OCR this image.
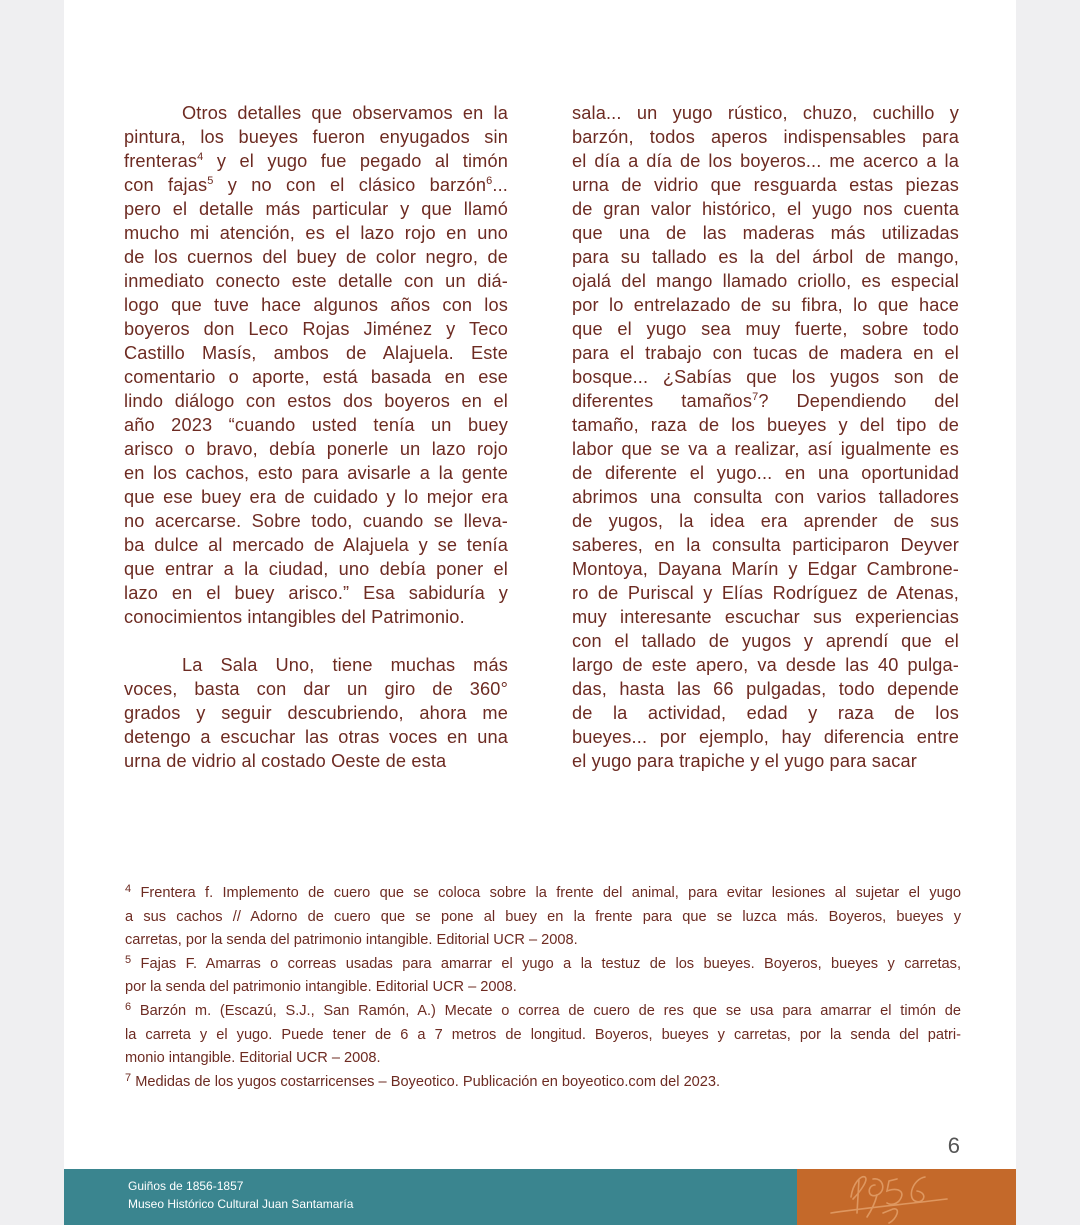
Otros detalles que observamos en la
pintura, los bueyes fueron enyugados sin
frenteras$^4$ y el yugo fue pegado al timón
con fajas$^5$ y no con el clásico barzón$^6$...
pero el detalle más particular y que llamó
mucho mi atención, es el lazo rojo en uno
de los cuernos del buey de color negro, de
inmediato conecto este detalle con un diá-
logo que tuve hace algunos años con los
boyeros don Leco Rojas Jiménez y Teco
Castillo Masís, ambos de Alajuela. Este
comentario o aporte, está basada en ese
lindo diálogo con estos dos boyeros en el
año 2023 “cuando usted tenía un buey
arisco o bravo, debía ponerle un lazo rojo
en los cachos, esto para avisarle a la gente
que ese buey era de cuidado y lo mejor era
no acercarse. Sobre todo, cuando se lleva-
ba dulce al mercado de Alajuela y se tenía
que entrar a la ciudad, uno debía poner el
lazo en el buey arisco.” Esa sabiduría y
conocimientos intangibles del Patrimonio.
La Sala Uno, tiene muchas más
voces, basta con dar un giro de 360°
grados y seguir descubriendo, ahora me
detengo a escuchar las otras voces en una
urna de vidrio al costado Oeste de esta
sala... un yugo rústico, chuzo, cuchillo y
barzón, todos aperos indispensables para
el día a día de los boyeros... me acerco a la
urna de vidrio que resguarda estas piezas
de gran valor histórico, el yugo nos cuenta
que una de las maderas más utilizadas
para su tallado es la del árbol de mango,
ojalá del mango llamado criollo, es especial
por lo entrelazado de su fibra, lo que hace
que el yugo sea muy fuerte, sobre todo
para el trabajo con tucas de madera en el
bosque... ¿Sabías que los yugos son de
diferentes tamaños$^7$? Dependiendo del
tamaño, raza de los bueyes y del tipo de
labor que se va a realizar, así igualmente es
de diferente el yugo... en una oportunidad
abrimos una consulta con varios talladores
de yugos, la idea era aprender de sus
saberes, en la consulta participaron Deyver
Montoya, Dayana Marín y Edgar Cambrone-
ro de Puriscal y Elías Rodríguez de Atenas,
muy interesante escuchar sus experiencias
con el tallado de yugos y aprendí que el
largo de este apero, va desde las 40 pulga-
das, hasta las 66 pulgadas, todo depende
de la actividad, edad y raza de los
bueyes... por ejemplo, hay diferencia entre
el yugo para trapiche y el yugo para sacar
$^4$ Frentera f. Implemento de cuero que se coloca sobre la frente del animal, para evitar lesiones al sujetar el yugo
a sus cachos // Adorno de cuero que se pone al buey en la frente para que se luzca más. Boyeros, bueyes y
carretas, por la senda del patrimonio intangible. Editorial UCR – 2008.
$^5$ Fajas F. Amarras o correas usadas para amarrar el yugo a la testuz de los bueyes. Boyeros, bueyes y carretas,
por la senda del patrimonio intangible. Editorial UCR – 2008.
$^6$ Barzón m. (Escazú, S.J., San Ramón, A.) Mecate o correa de cuero de res que se usa para amarrar el timón de
la carreta y el yugo. Puede tener de 6 a 7 metros de longitud. Boyeros, bueyes y carretas, por la senda del patri-
monio intangible. Editorial UCR – 2008.
$^7$ Medidas de los yugos costarricenses – Boyeotico. Publicación en boyeotico.com del 2023.
6
Guiños de 1856-1857
Museo Histórico Cultural Juan Santamaría
